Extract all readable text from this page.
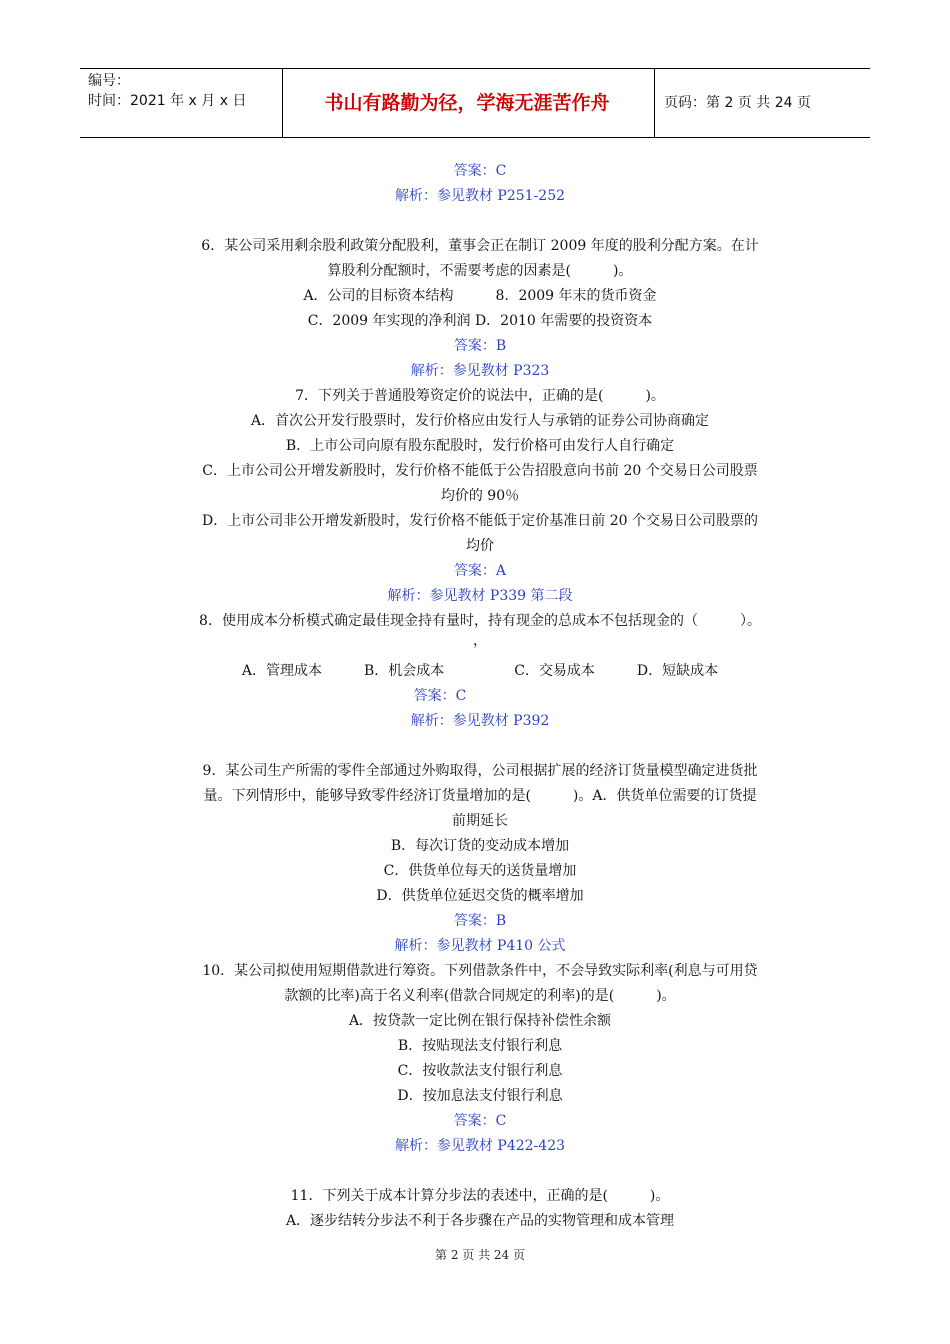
编号：
时间：2021 年 x 月 x 日	书山有路勤为径，学海无涯苦作舟	页码：第 2 页 共 24 页
答案：C
解析：参见教材 P251-252
6．某公司采用剩余股利政策分配股利，董事会正在制订 2009 年度的股利分配方案。在计
算股利分配额时，不需要考虑的因素是(　　　)。
A．公司的目标资本结构　　　8．2009 年末的货币资金
C．2009 年实现的净利润 D．2010 年需要的投资资本
答案：B
解析：参见教材 P323
7．下列关于普通股筹资定价的说法中，正确的是(　　　)。
A．首次公开发行股票时，发行价格应由发行人与承销的证券公司协商确定
B．上市公司向原有股东配股时，发行价格可由发行人自行确定
C．上市公司公开增发新股时，发行价格不能低于公告招股意向书前 20 个交易日公司股票
均价的 90％
D．上市公司非公开增发新股时，发行价格不能低于定价基准日前 20 个交易日公司股票的
均价
答案：A
解析：参见教材 P339 第二段
8．使用成本分析模式确定最佳现金持有量时，持有现金的总成本不包括现金的（　　　）。
，
A．管理成本　　　B．机会成本　　　　　C．交易成本　　　D．短缺成本
答案：C
解析：参见教材 P392
9．某公司生产所需的零件全部通过外购取得，公司根据扩展的经济订货量模型确定进货批
量。下列情形中，能够导致零件经济订货量增加的是(　　　)。A．供货单位需要的订货提
前期延长
B．每次订货的变动成本增加
C．供货单位每天的送货量增加
D．供货单位延迟交货的概率增加
答案：B
解析：参见教材 P410 公式
10．某公司拟使用短期借款进行筹资。下列借款条件中，不会导致实际利率(利息与可用贷
款额的比率)高于名义利率(借款合同规定的利率)的是(　　　)。
A．按贷款一定比例在银行保持补偿性余额
B．按贴现法支付银行利息
C．按收款法支付银行利息
D．按加息法支付银行利息
答案：C
解析：参见教材 P422-423
11．下列关于成本计算分步法的表述中，正确的是(　　　)。
A．逐步结转分步法不利于各步骤在产品的实物管理和成本管理
第 2 页 共 24 页
